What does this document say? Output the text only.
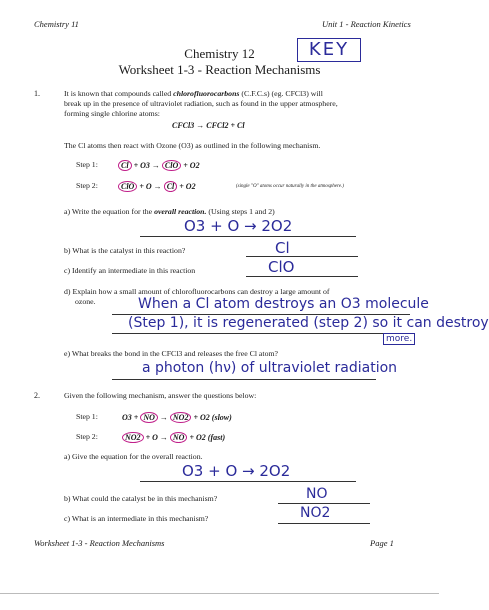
Chemistry 11	Unit 1 - Reaction Kinetics
Chemistry 12
Worksheet 1-3 - Reaction Mechanisms
KEY
1.	It is known that compounds called chlorofluorocarbons (C.F.C.s) (eg. CFCl3) will
break up in the presence of ultraviolet radiation, such as found in the upper atmosphere,
forming single chlorine atoms:
CFCl3 → CFCl2 + Cl
The Cl atoms then react with Ozone (O3) as outlined in the following mechanism.
Step 1:	Cl + O3 → ClO + O2
Step 2:	ClO + O → Cl + O2	(single "O" atoms occur naturally in the atmosphere.)
a) Write the equation for the overall reaction. (Using steps 1 and 2)
O3 + O → 2O2
b) What is the catalyst in this reaction?	Cl
c) Identify an intermediate in this reaction	ClO
d) Explain how a small amount of chlorofluorocarbons can destroy a large amount of
ozone.	When a Cl atom destroys an O3 molecule
(Step 1), it is regenerated (step 2) so it can destroy
more.
e) What breaks the bond in the CFCl3 and releases the free Cl atom?
a photon (hν) of ultraviolet radiation
2.	Given the following mechanism, answer the questions below:
Step 1:	O3 + NO → NO2 + O2 (slow)
Step 2:	NO2 + O → NO + O2 (fast)
a) Give the equation for the overall reaction.
O3 + O → 2O2
b) What could the catalyst be in this mechanism?	NO
c) What is an intermediate in this mechanism?	NO2
Worksheet 1-3 - Reaction Mechanisms	Page 1
